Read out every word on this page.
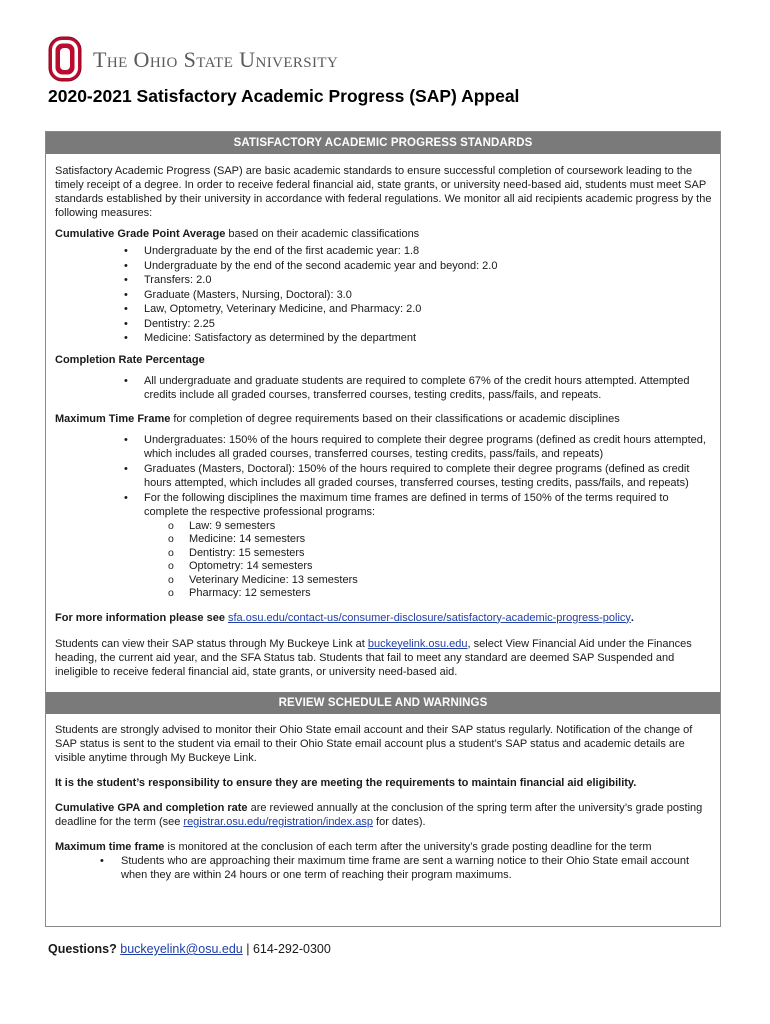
The Ohio State University
2020-2021 Satisfactory Academic Progress (SAP) Appeal
SATISFACTORY ACADEMIC PROGRESS STANDARDS

Satisfactory Academic Progress (SAP) are basic academic standards to ensure successful completion of coursework leading to the timely receipt of a degree. In order to receive federal financial aid, state grants, or university need-based aid, students must meet SAP standards established by their university in accordance with federal regulations. We monitor all aid recipients academic progress by the following measures:

Cumulative Grade Point Average based on their academic classifications

• Undergraduate by the end of the first academic year: 1.8
• Undergraduate by the end of the second academic year and beyond: 2.0
• Transfers: 2.0
• Graduate (Masters, Nursing, Doctoral): 3.0
• Law, Optometry, Veterinary Medicine, and Pharmacy: 2.0
• Dentistry: 2.25
• Medicine: Satisfactory as determined by the department

Completion Rate Percentage

• All undergraduate and graduate students are required to complete 67% of the credit hours attempted. Attempted credits include all graded courses, transferred courses, testing credits, pass/fails, and repeats.

Maximum Time Frame for completion of degree requirements based on their classifications or academic disciplines

• Undergraduates: 150% of the hours required to complete their degree programs (defined as credit hours attempted, which includes all graded courses, transferred courses, testing credits, pass/fails, and repeats)
• Graduates (Masters, Doctoral): 150% of the hours required to complete their degree programs (defined as credit hours attempted, which includes all graded courses, transferred courses, testing credits, pass/fails, and repeats)
• For the following disciplines the maximum time frames are defined in terms of 150% of the terms required to complete the respective professional programs:
o Law: 9 semesters
o Medicine: 14 semesters
o Dentistry: 15 semesters
o Optometry: 14 semesters
o Veterinary Medicine: 13 semesters
o Pharmacy: 12 semesters

For more information please see sfa.osu.edu/contact-us/consumer-disclosure/satisfactory-academic-progress-policy.

Students can view their SAP status through My Buckeye Link at buckeyelink.osu.edu, select View Financial Aid under the Finances heading, the current aid year, and the SFA Status tab. Students that fail to meet any standard are deemed SAP Suspended and ineligible to receive federal financial aid, state grants, or university need-based aid.

REVIEW SCHEDULE AND WARNINGS

Students are strongly advised to monitor their Ohio State email account and their SAP status regularly. Notification of the change of SAP status is sent to the student via email to their Ohio State email account plus a student’s SAP status and academic details are visible anytime through My Buckeye Link.

It is the student’s responsibility to ensure they are meeting the requirements to maintain financial aid eligibility.

Cumulative GPA and completion rate are reviewed annually at the conclusion of the spring term after the university’s grade posting deadline for the term (see registrar.osu.edu/registration/index.asp for dates).

Maximum time frame is monitored at the conclusion of each term after the university’s grade posting deadline for the term

• Students who are approaching their maximum time frame are sent a warning notice to their Ohio State email account when they are within 24 hours or one term of reaching their program maximums.
Questions? buckeyelink@osu.edu | 614-292-0300
